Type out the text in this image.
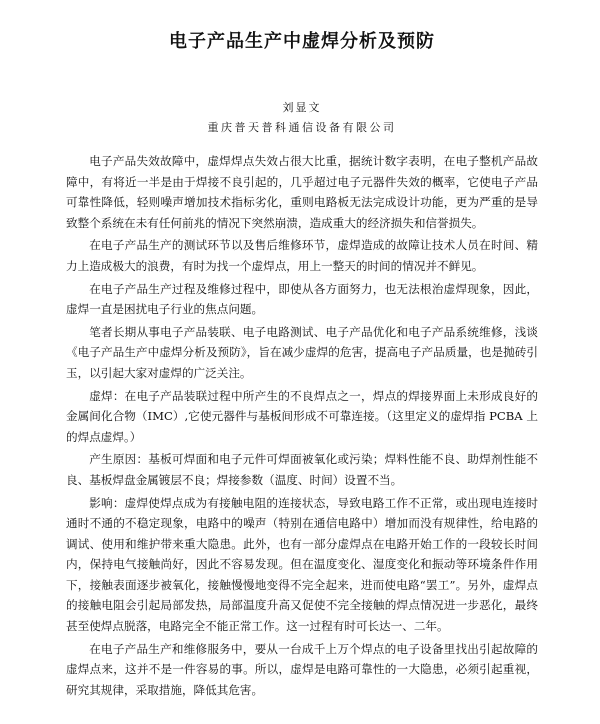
电子产品生产中虚焊分析及预防
刘显文
重庆普天普科通信设备有限公司

电子产品失效故障中，虚焊焊点失效占很大比重，据统计数字表明，在电子整机产品故障中，有将近一半是由于焊接不良引起的，几乎超过电子元器件失效的概率，它使电子产品可靠性降低，轻则噪声增加技术指标劣化，重则电路板无法完成设计功能，更为严重的是导致整个系统在未有任何前兆的情况下突然崩溃，造成重大的经济损失和信誉损失。

在电子产品生产的测试环节以及售后维修环节，虚焊造成的故障让技术人员在时间、精力上造成极大的浪费，有时为找一个虚焊点，用上一整天的时间的情况并不鲜见。

在电子产品生产过程及维修过程中，即使从各方面努力，也无法根治虚焊现象，因此，虚焊一直是困扰电子行业的焦点问题。

笔者长期从事电子产品装联、电子电路测试、电子产品优化和电子产品系统维修，浅谈《电子产品生产中虚焊分析及预防》，旨在减少虚焊的危害，提高电子产品质量，也是抛砖引玉，以引起大家对虚焊的广泛关注。

虚焊：在电子产品装联过程中所产生的不良焊点之一，焊点的焊接界面上未形成良好的金属间化合物（IMC）,它使元器件与基板间形成不可靠连接。（这里定义的虚焊指 PCBA 上的焊点虚焊。）

产生原因：基板可焊面和电子元件可焊面被氧化或污染；焊料性能不良、助焊剂性能不良、基板焊盘金属镀层不良；焊接参数（温度、时间）设置不当。

影响：虚焊使焊点成为有接触电阻的连接状态，导致电路工作不正常，或出现电连接时通时不通的不稳定现象，电路中的噪声（特别在通信电路中）增加而没有规律性，给电路的调试、使用和维护带来重大隐患。此外，也有一部分虚焊点在电路开始工作的一段较长时间内，保持电气接触尚好，因此不容易发现。但在温度变化、湿度变化和振动等环境条件作用下，接触表面逐步被氧化，接触慢慢地变得不完全起来，进而使电路“罢工”。另外，虚焊点的接触电阻会引起局部发热，局部温度升高又促使不完全接触的焊点情况进一步恶化，最终甚至使焊点脱落，电路完全不能正常工作。这一过程有时可长达一、二年。

在电子产品生产和维修服务中，要从一台成千上万个焊点的电子设备里找出引起故障的虚焊点来，这并不是一件容易的事。所以，虚焊是电路可靠性的一大隐患，必须引起重视，研究其规律，采取措施，降低其危害。
